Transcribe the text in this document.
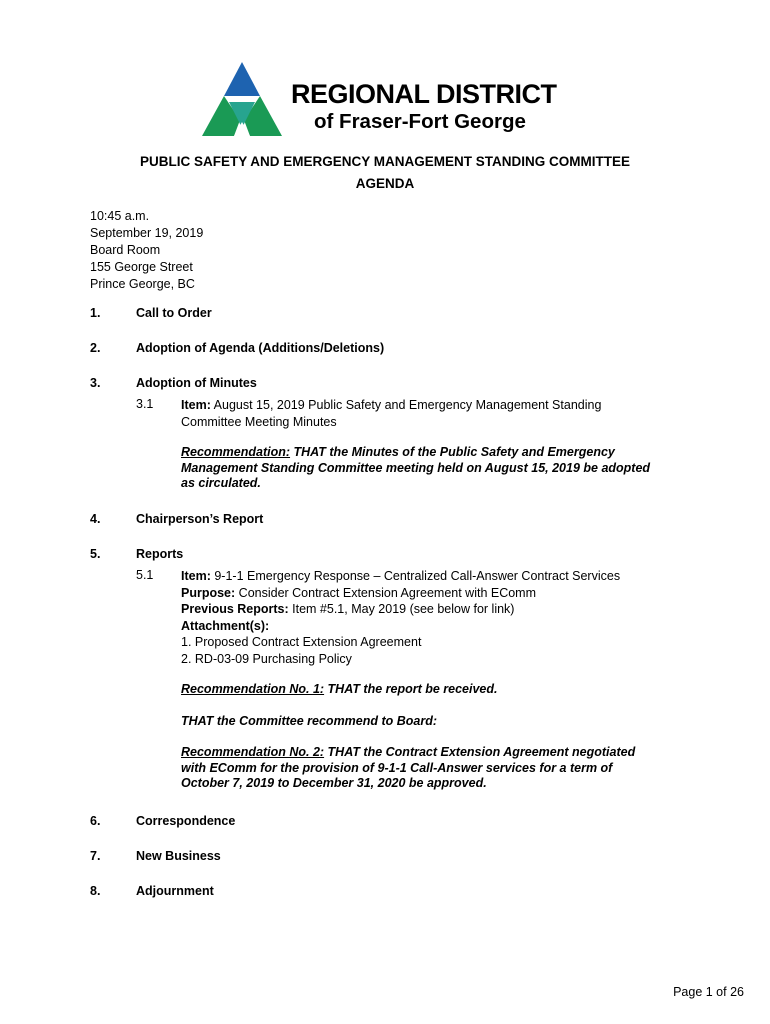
REGIONAL DISTRICT
of Fraser-Fort George
PUBLIC SAFETY AND EMERGENCY MANAGEMENT STANDING COMMITTEE
AGENDA
10:45 a.m.
September 19, 2019
Board Room
155 George Street
Prince George, BC
1.	Call to Order
2.	Adoption of Agenda (Additions/Deletions)
3.	Adoption of Minutes
3.1 Item: August 15, 2019 Public Safety and Emergency Management Standing
Committee Meeting Minutes
Recommendation: THAT the Minutes of the Public Safety and Emergency
Management Standing Committee meeting held on August 15, 2019 be adopted
as circulated.
4.	Chairperson’s Report
5.	Reports
5.1 Item: 9-1-1 Emergency Response – Centralized Call-Answer Contract Services
Purpose: Consider Contract Extension Agreement with EComm
Previous Reports: Item #5.1, May 2019 (see below for link)
Attachment(s):
1. Proposed Contract Extension Agreement
2. RD-03-09 Purchasing Policy
Recommendation No. 1: THAT the report be received.
THAT the Committee recommend to Board:
Recommendation No. 2: THAT the Contract Extension Agreement negotiated
with EComm for the provision of 9-1-1 Call-Answer services for a term of
October 7, 2019 to December 31, 2020 be approved.
6.	Correspondence
7.	New Business
8.	Adjournment
Page 1 of 26
